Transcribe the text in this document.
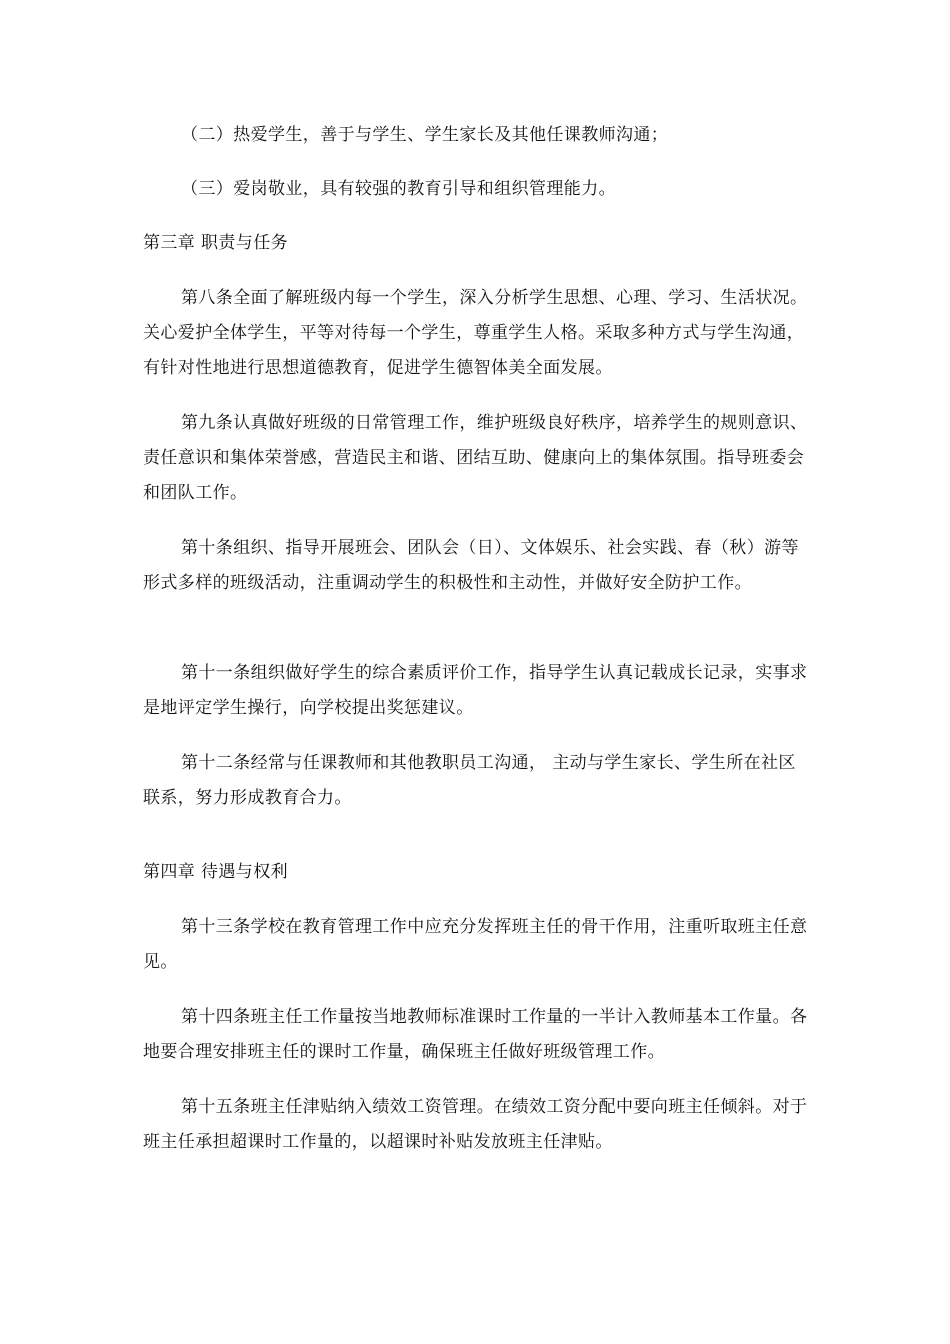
（二）热爱学生，善于与学生、学生家长及其他任课教师沟通；

（三）爱岗敬业，具有较强的教育引导和组织管理能力。

第三章 职责与任务

第八条全面了解班级内每一个学生，深入分析学生思想、心理、学习、生活状况。关心爱护全体学生，平等对待每一个学生，尊重学生人格。采取多种方式与学生沟通，有针对性地进行思想道德教育，促进学生德智体美全面发展。

第九条认真做好班级的日常管理工作，维护班级良好秩序，培养学生的规则意识、责任意识和集体荣誉感，营造民主和谐、团结互助、健康向上的集体氛围。指导班委会和团队工作。

第十条组织、指导开展班会、团队会（日）、文体娱乐、社会实践、春（秋）游等形式多样的班级活动，注重调动学生的积极性和主动性，并做好安全防护工作。

第十一条组织做好学生的综合素质评价工作，指导学生认真记载成长记录，实事求是地评定学生操行，向学校提出奖惩建议。

第十二条经常与任课教师和其他教职员工沟通， 主动与学生家长、学生所在社区联系，努力形成教育合力。

第四章 待遇与权利

第十三条学校在教育管理工作中应充分发挥班主任的骨干作用，注重听取班主任意见。

第十四条班主任工作量按当地教师标准课时工作量的一半计入教师基本工作量。各地要合理安排班主任的课时工作量，确保班主任做好班级管理工作。

第十五条班主任津贴纳入绩效工资管理。在绩效工资分配中要向班主任倾斜。对于班主任承担超课时工作量的，以超课时补贴发放班主任津贴。
